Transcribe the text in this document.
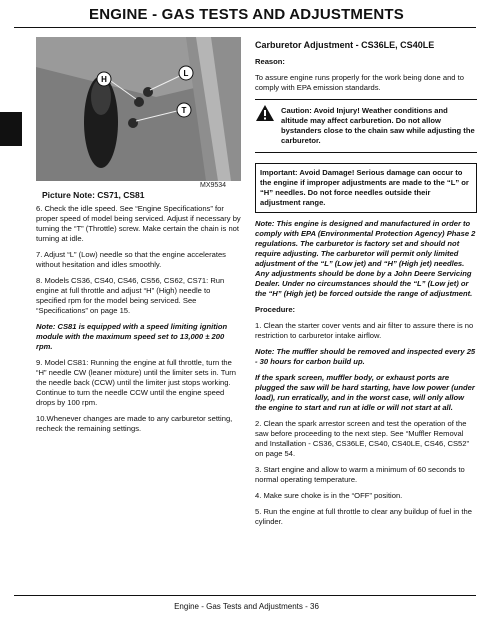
ENGINE - GAS TESTS AND ADJUSTMENTS
H
L
T
MX9534
Picture Note: CS71, CS81

6. Check the idle speed. See “Engine Specifications” for proper speed of model being serviced. Adjust if necessary by turning the “T” (Throttle) screw. Make certain the chain is not turning at idle.

7. Adjust “L” (Low) needle so that the engine accelerates without hesitation and idles smoothly.

8. Models CS36, CS40, CS46, CS56, CS62, CS71: Run engine at full throttle and adjust “H” (High) needle to specified rpm for the model being serviced. See “Specifications” on page 15.

Note: CS81 is equipped with a speed limiting ignition module with the maximum speed set to 13,000 ± 200 rpm.

9. Model CS81: Running the engine at full throttle, turn the “H” needle CW (leaner mixture) until the limiter sets in. Turn the needle back (CCW) until the limiter just stops working. Continue to turn the needle CCW until the engine speed drops by 100 rpm.

10.Whenever changes are made to any carburetor setting, recheck the remaining settings.

Carburetor Adjustment - CS36LE, CS40LE

Reason:

To assure engine runs properly for the work being done and to comply with EPA emission standards.

Caution: Avoid Injury! Weather conditions and altitude may affect carburetion. Do not allow bystanders close to the chain saw while adjusting the carburetor.
Important: Avoid Damage! Serious damage can occur to the engine if improper adjustments are made to the “L” or “H” needles. Do not force needles outside their adjustment range.

Note: This engine is designed and manufactured in order to comply with EPA (Environmental Protection Agency) Phase 2 regulations. The carburetor is factory set and should not require adjusting. The carburetor will permit only limited adjustment of the “L” (Low jet) and “H” (High jet) needles. Any adjustments should be done by a John Deere Servicing Dealer. Under no circumstances should the “L” (Low jet) or the “H” (High jet) be forced outside the range of adjustment.

Procedure:

1. Clean the starter cover vents and air filter to assure there is no restriction to carburetor intake airflow.

Note: The muffler should be removed and inspected every 25 - 30 hours for carbon build up.

If the spark screen, muffler body, or exhaust ports are plugged the saw will be hard starting, have low power (under load), run erratically, and in the worst case, will only allow the engine to start and run at idle or will not start at all.

2. Clean the spark arrestor screen and test the operation of the saw before proceeding to the next step. See “Muffler Removal and Installation - CS36, CS36LE, CS40, CS40LE, CS46, CS52” on page 54.

3. Start engine and allow to warm a minimum of 60 seconds to normal operating temperature.

4. Make sure choke is in the “OFF” position.

5. Run the engine at full throttle to clear any buildup of fuel in the cylinder.

Engine - Gas Tests and Adjustments - 36
